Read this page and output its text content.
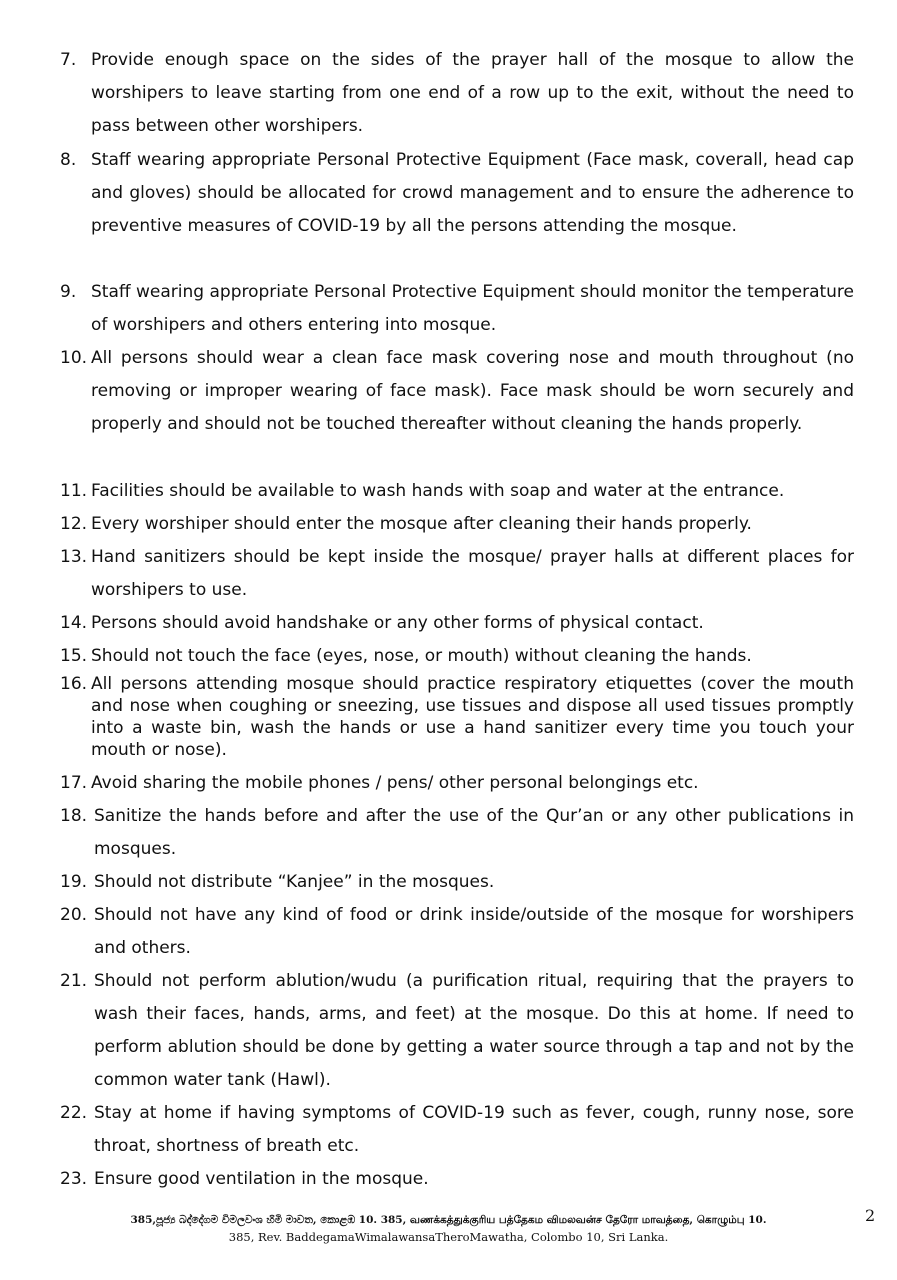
7. Provide enough space on the sides of the prayer hall of the mosque to allow the worshipers to leave starting from one end of a row up to the exit, without the need to pass between other worshipers.
8. Staff wearing appropriate Personal Protective Equipment (Face mask, coverall, head cap and gloves) should be allocated for crowd management and to ensure the adherence to preventive measures of COVID-19 by all the persons attending the mosque.
9. Staff wearing appropriate Personal Protective Equipment should monitor the temperature of worshipers and others entering into mosque.
10. All persons should wear a clean face mask covering nose and mouth throughout (no removing or improper wearing of face mask). Face mask should be worn securely and properly and should not be touched thereafter without cleaning the hands properly.
11. Facilities should be available to wash hands with soap and water at the entrance.
12. Every worshiper should enter the mosque after cleaning their hands properly.
13. Hand sanitizers should be kept inside the mosque/ prayer halls at different places for worshipers to use.
14. Persons should avoid handshake or any other forms of physical contact.
15. Should not touch the face (eyes, nose, or mouth) without cleaning the hands.
16. All persons attending mosque should practice respiratory etiquettes (cover the mouth and nose when coughing or sneezing, use tissues and dispose all used tissues promptly into a waste bin, wash the hands or use a hand sanitizer every time you touch your mouth or nose).
17. Avoid sharing the mobile phones / pens/ other personal belongings etc.
18. Sanitize the hands before and after the use of the Qur’an or any other publications in mosques.
19. Should not distribute “Kanjee” in the mosques.
20. Should not have any kind of food or drink inside/outside of the mosque for worshipers and others.
21. Should not perform ablution/wudu (a purification ritual, requiring that the prayers to wash their faces, hands, arms, and feet) at the mosque. Do this at home. If need to perform ablution should be done by getting a water source through a tap and not by the common water tank (Hawl).
22. Stay at home if having symptoms of COVID-19 such as fever, cough, runny nose, sore throat, shortness of breath etc.
23. Ensure good ventilation in the mosque.
385,පූජ්‍ය බද්දේගම විමලවංශ හිමි මාවත, කොළඹ 10. 385, வணக்கத்துக்குரிய பத்தேகம விமலவன்ச தேரோ மாவத்தை, கொழும்பு 10.
385, Rev. BaddegamaWimalawansaTheroMawatha, Colombo 10, Sri Lanka.
2
